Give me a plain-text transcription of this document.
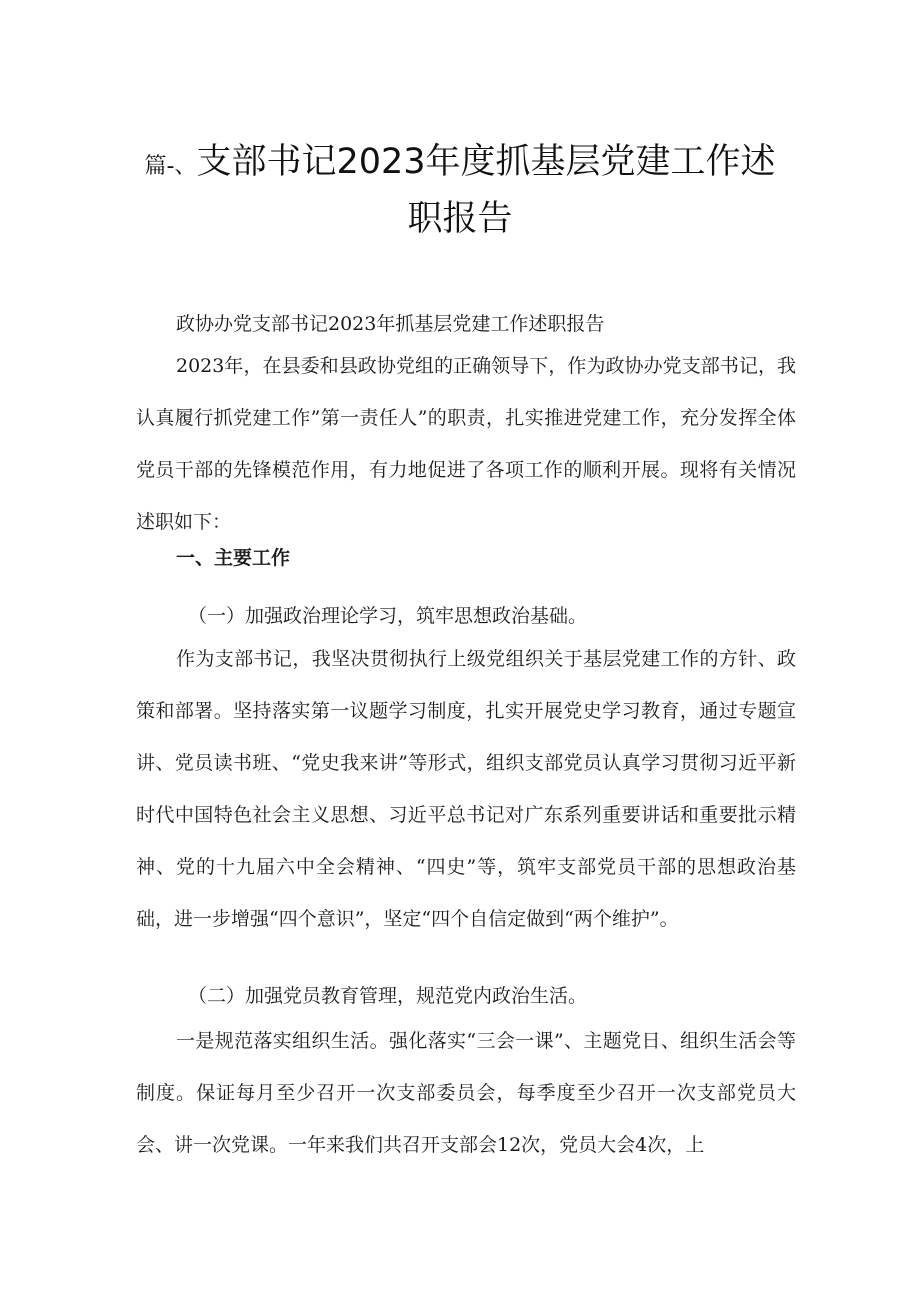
篇-、支部书记2023年度抓基层党建工作述
职报告

政协办党支部书记2023年抓基层党建工作述职报告

2023年，在县委和县政协党组的正确领导下，作为政协办党支部书记，我认真履行抓党建工作”第一责任人”的职责，扎实推进党建工作，充分发挥全体党员干部的先锋模范作用，有力地促进了各项工作的顺利开展。现将有关情况述职如下：

一、主要工作

（一）加强政治理论学习，筑牢思想政治基础。

作为支部书记，我坚决贯彻执行上级党组织关于基层党建工作的方针、政策和部署。坚持落实第一议题学习制度，扎实开展党史学习教育，通过专题宣讲、党员读书班、“党史我来讲”等形式，组织支部党员认真学习贯彻习近平新时代中国特色社会主义思想、习近平总书记对广东系列重要讲话和重要批示精神、党的十九届六中全会精神、“四史”等，筑牢支部党员干部的思想政治基础，进一步增强“四个意识”，坚定“四个自信定做到“两个维护”。

（二）加强党员教育管理，规范党内政治生活。

一是规范落实组织生活。强化落实“三会一课”、主题党日、组织生活会等制度。保证每月至少召开一次支部委员会，每季度至少召开一次支部党员大会、讲一次党课。一年来我们共召开支部会12次，党员大会4次，上
